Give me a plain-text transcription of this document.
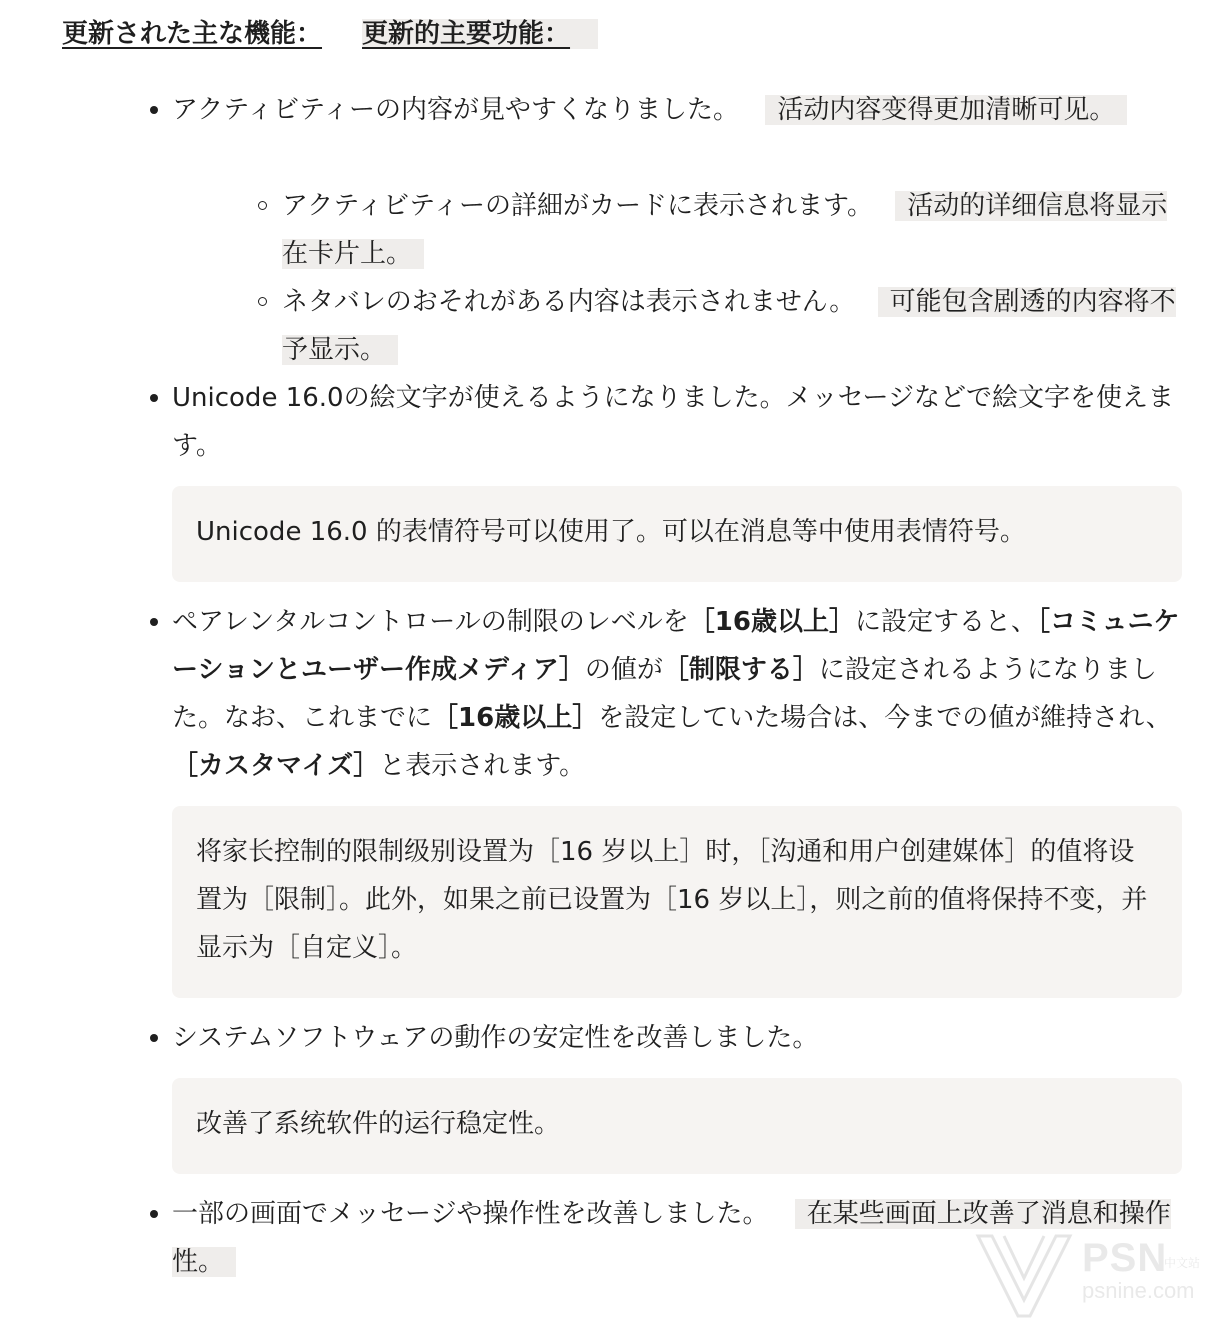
更新された主な機能： 更新的主要功能：
アクティビティーの内容が見やすくなりました。 活动内容变得更加清晰可见。
アクティビティーの詳細がカードに表示されます。 活动的详细信息将显示在卡片上。
ネタバレのおそれがある内容は表示されません。 可能包含剧透的内容将不予显示。
Unicode 16.0の絵文字が使えるようになりました。メッセージなどで絵文字を使えます。
Unicode 16.0 的表情符号可以使用了。可以在消息等中使用表情符号。
ペアレンタルコントロールの制限のレベルを［16歳以上］に設定すると、［コミュニケーションとユーザー作成メディア］の値が［制限する］に設定されるようになりました。なお、これまでに［16歳以上］を設定していた場合は、今までの値が維持され、［カスタマイズ］と表示されます。
将家长控制的限制级别设置为［16 岁以上］时，［沟通和用户创建媒体］的值将设置为［限制］。此外，如果之前已设置为［16 岁以上］，则之前的值将保持不变，并显示为［自定义］。
システムソフトウェアの動作の安定性を改善しました。
改善了系统软件的运行稳定性。
一部の画面でメッセージや操作性を改善しました。 在某些画面上改善了消息和操作性。	PSN
中文站
psnine.com
